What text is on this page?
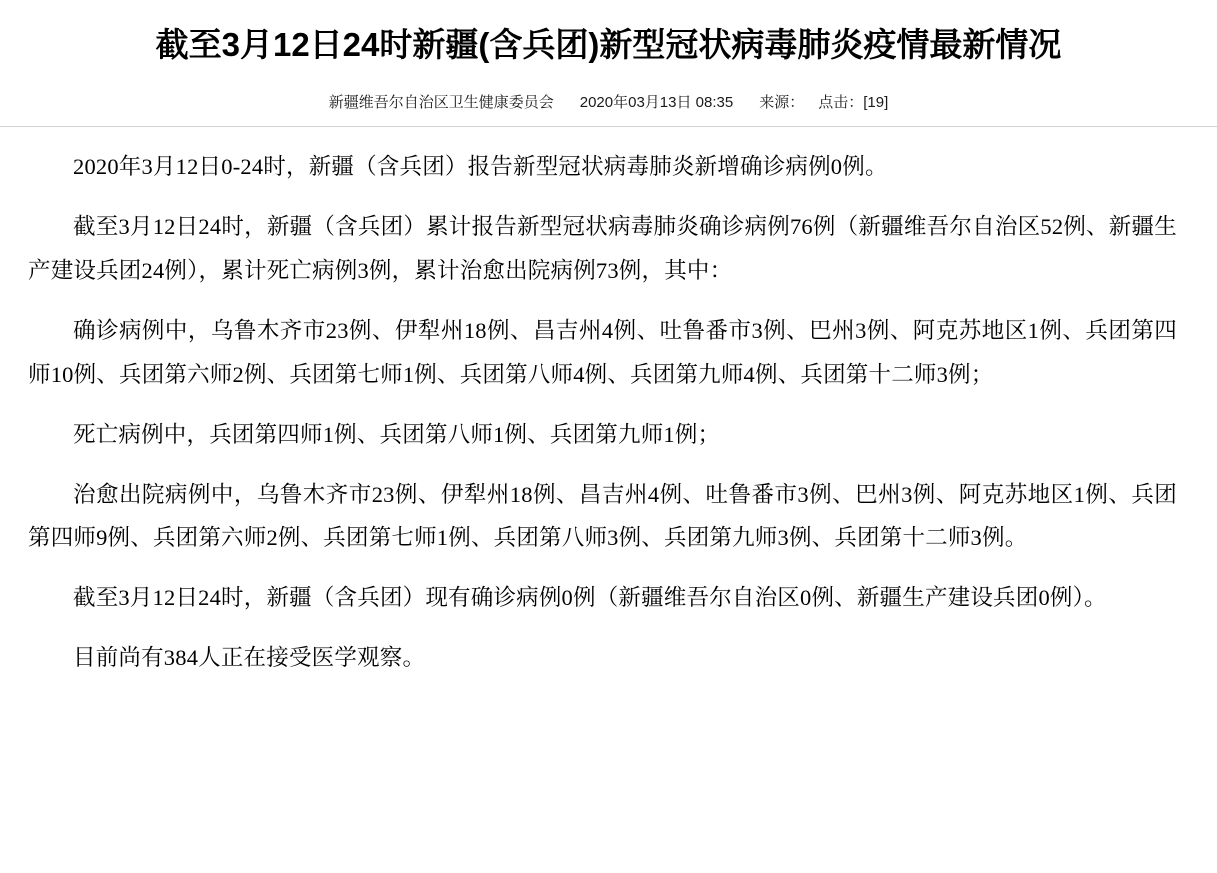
截至3月12日24时新疆(含兵团)新型冠状病毒肺炎疫情最新情况
新疆维吾尔自治区卫生健康委员会 2020年03月13日 08:35 来源： 点击：[19]

2020年3月12日0-24时，新疆（含兵团）报告新型冠状病毒肺炎新增确诊病例0例。

截至3月12日24时，新疆（含兵团）累计报告新型冠状病毒肺炎确诊病例76例（新疆维吾尔自治区52例、新疆生产建设兵团24例），累计死亡病例3例，累计治愈出院病例73例，其中：

确诊病例中，乌鲁木齐市23例、伊犁州18例、昌吉州4例、吐鲁番市3例、巴州3例、阿克苏地区1例、兵团第四师10例、兵团第六师2例、兵团第七师1例、兵团第八师4例、兵团第九师4例、兵团第十二师3例；

死亡病例中，兵团第四师1例、兵团第八师1例、兵团第九师1例；

治愈出院病例中，乌鲁木齐市23例、伊犁州18例、昌吉州4例、吐鲁番市3例、巴州3例、阿克苏地区1例、兵团第四师9例、兵团第六师2例、兵团第七师1例、兵团第八师3例、兵团第九师3例、兵团第十二师3例。

截至3月12日24时，新疆（含兵团）现有确诊病例0例（新疆维吾尔自治区0例、新疆生产建设兵团0例）。

目前尚有384人正在接受医学观察。
